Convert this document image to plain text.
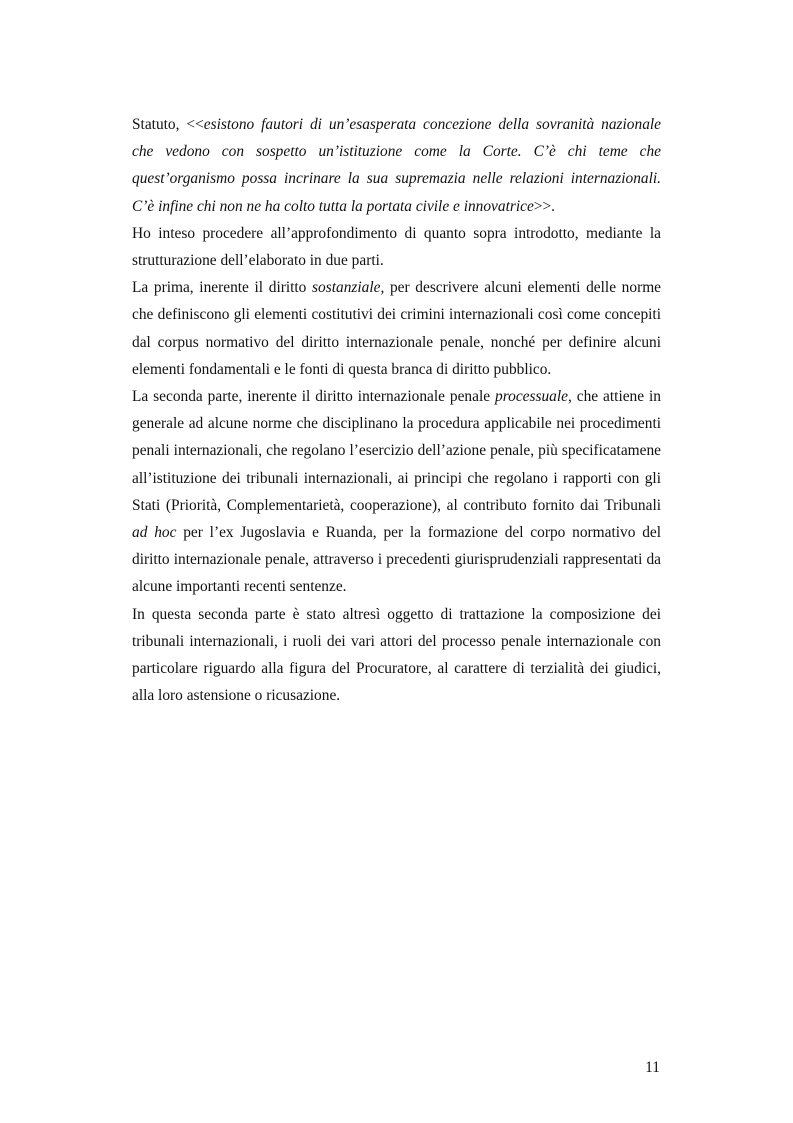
Statuto, <<esistono fautori di un’esasperata concezione della sovranità nazionale che vedono con sospetto un’istituzione come la Corte. C’è chi teme che quest’organismo possa incrinare la sua supremazia nelle relazioni internazionali. C’è infine chi non ne ha colto tutta la portata civile e innovatrice>>.

Ho inteso procedere all’approfondimento di quanto sopra introdotto, mediante la strutturazione dell’elaborato in due parti.

La prima, inerente il diritto sostanziale, per descrivere alcuni elementi delle norme che definiscono gli elementi costitutivi dei crimini internazionali così come concepiti dal corpus normativo del diritto internazionale penale, nonché per definire alcuni elementi fondamentali e le fonti di questa branca di diritto pubblico.

La seconda parte, inerente il diritto internazionale penale processuale, che attiene in generale ad alcune norme che disciplinano la procedura applicabile nei procedimenti penali internazionali, che regolano l’esercizio dell’azione penale, più specificatamene all’istituzione dei tribunali internazionali, ai principi che regolano i rapporti con gli Stati (Priorità, Complementarietà, cooperazione), al contributo fornito dai Tribunali ad hoc per l’ex Jugoslavia e Ruanda, per la formazione del corpo normativo del diritto internazionale penale, attraverso i precedenti giurisprudenziali rappresentati da alcune importanti recenti sentenze.

In questa seconda parte è stato altresì oggetto di trattazione la composizione dei tribunali internazionali, i ruoli dei vari attori del processo penale internazionale con particolare riguardo alla figura del Procuratore, al carattere di terzialità dei giudici, alla loro astensione o ricusazione.

11
